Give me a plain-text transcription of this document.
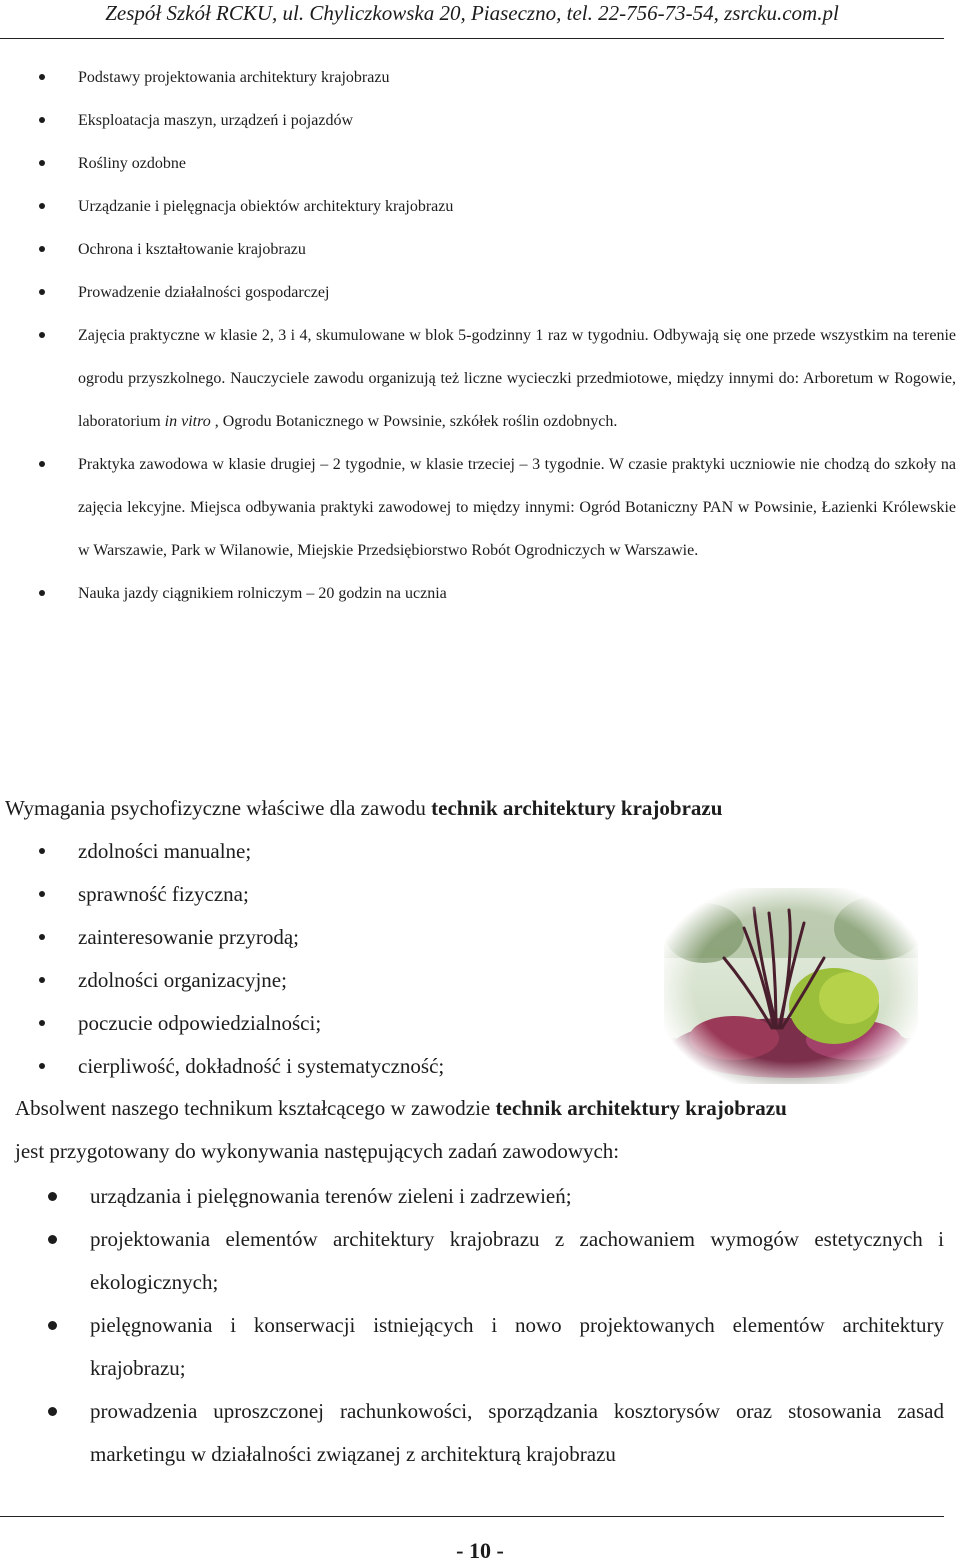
Zespół Szkół RCKU, ul. Chyliczkowska 20, Piaseczno, tel. 22-756-73-54, zsrcku.com.pl
Podstawy projektowania architektury krajobrazu
Eksploatacja maszyn, urządzeń i pojazdów
Rośliny ozdobne
Urządzanie i pielęgnacja obiektów architektury krajobrazu
Ochrona i kształtowanie krajobrazu
Prowadzenie działalności gospodarczej
Zajęcia praktyczne w klasie 2, 3 i 4, skumulowane w blok 5-godzinny 1 raz w tygodniu. Odbywają się one przede wszystkim na terenie ogrodu przyszkolnego. Nauczyciele zawodu organizują też liczne wycieczki przedmiotowe, między innymi do: Arboretum w Rogowie, laboratorium in vitro , Ogrodu Botanicznego w Powsinie, szkółek roślin ozdobnych.
Praktyka zawodowa w klasie drugiej – 2 tygodnie, w klasie trzeciej – 3 tygodnie. W czasie praktyki uczniowie nie chodzą do szkoły na zajęcia lekcyjne. Miejsca odbywania praktyki zawodowej to między innymi: Ogród Botaniczny PAN w Powsinie, Łazienki Królewskie w Warszawie, Park w Wilanowie, Miejskie Przedsiębiorstwo Robót Ogrodniczych w Warszawie.
Nauka jazdy ciągnikiem rolniczym – 20 godzin na ucznia
Wymagania psychofizyczne właściwe dla zawodu technik architektury krajobrazu
zdolności manualne;
sprawność fizyczna;
zainteresowanie przyrodą;
zdolności organizacyjne;
poczucie odpowiedzialności;
cierpliwość, dokładność i systematyczność;
Absolwent naszego technikum kształcącego w zawodzie technik architektury krajobrazu
jest przygotowany do wykonywania następujących zadań zawodowych:
urządzania i pielęgnowania terenów zieleni i zadrzewień;
projektowania elementów architektury krajobrazu z zachowaniem wymogów estetycznych i ekologicznych;
pielęgnowania i konserwacji istniejących i nowo projektowanych elementów architektury krajobrazu;
prowadzenia uproszczonej rachunkowości, sporządzania kosztorysów oraz stosowania zasad marketingu w działalności związanej z architekturą krajobrazu
- 10 -
